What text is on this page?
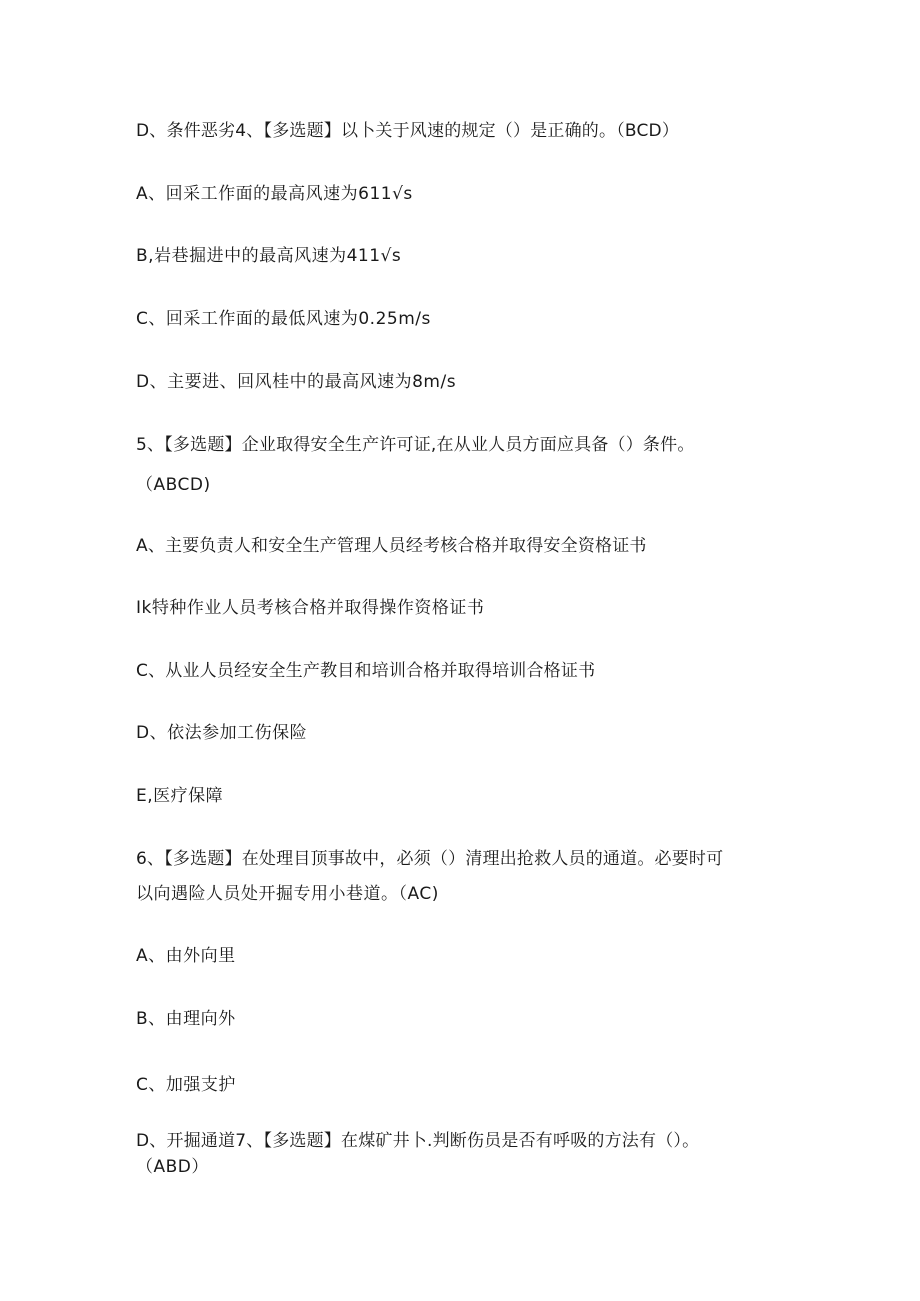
D、条件恶劣4、【多选题】以卜关于风速的规定（）是正确的。（BCD）
A、回采工作面的最高风速为611√s
B,岩巷掘进中的最高风速为411√s
C、回采工作面的最低风速为0.25m/s
D、主要进、回风桂中的最高风速为8m/s
5、【多选题】企业取得安全生产许可证,在从业人员方面应具备（）条件。
（ABCD)
A、主要负责人和安全生产管理人员经考核合格并取得安全资格证书
Ik特种作业人员考核合格并取得操作资格证书
C、从业人员经安全生产教目和培训合格并取得培训合格证书
D、依法参加工伤保险
E,医疗保障
6、【多选题】在处理目顶事故中，必须（）清理出抢救人员的通道。必要时可
以向遇险人员处开掘专用小巷道。（AC)
A、由外向里
B、由理向外
C、加强支护
D、开掘通道7、【多选题】在煤矿井卜.判断伤员是否有呼吸的方法有（）。
（ABD）
